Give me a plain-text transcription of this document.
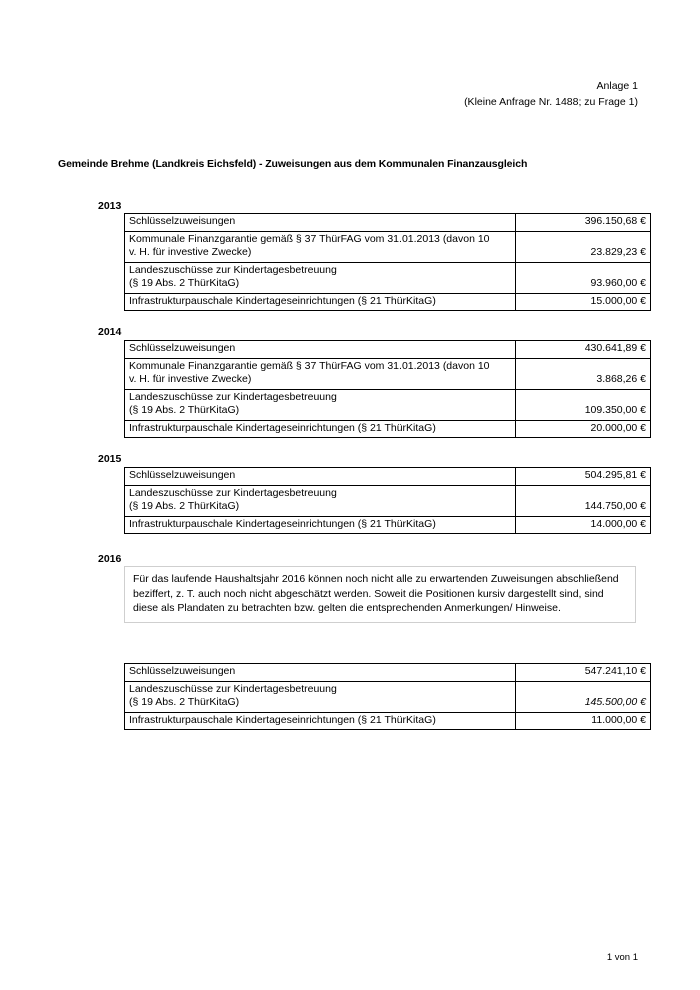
Anlage 1
(Kleine Anfrage Nr. 1488; zu Frage 1)
Gemeinde Brehme (Landkreis Eichsfeld) - Zuweisungen aus dem Kommunalen Finanzausgleich
2013
Schlüsselzuweisungen	396.150,68 €

Kommunale Finanzgarantie gemäß § 37 ThürFAG vom 31.01.2013 (davon 10
v. H. für investive Zwecke)	23.829,23 €

Landeszuschüsse zur Kindertagesbetreuung
(§ 19 Abs. 2 ThürKitaG)	93.960,00 €
Infrastrukturpauschale Kindertageseinrichtungen (§ 21 ThürKitaG)	15.000,00 €
2014
Schlüsselzuweisungen	430.641,89 €

Kommunale Finanzgarantie gemäß § 37 ThürFAG vom 31.01.2013 (davon 10
v. H. für investive Zwecke)	3.868,26 €

Landeszuschüsse zur Kindertagesbetreuung
(§ 19 Abs. 2 ThürKitaG)	109.350,00 €
Infrastrukturpauschale Kindertageseinrichtungen (§ 21 ThürKitaG)	20.000,00 €
2015
Schlüsselzuweisungen	504.295,81 €

Landeszuschüsse zur Kindertagesbetreuung
(§ 19 Abs. 2 ThürKitaG)	144.750,00 €
Infrastrukturpauschale Kindertageseinrichtungen (§ 21 ThürKitaG)	14.000,00 €
2016
Für das laufende Haushaltsjahr 2016 können noch nicht alle zu erwartenden Zuweisungen abschließend beziffert, z. T. auch noch nicht abgeschätzt werden. Soweit die Positionen kursiv dargestellt sind, sind diese als Plandaten zu betrachten bzw. gelten die entsprechenden Anmerkungen/ Hinweise.
Schlüsselzuweisungen	547.241,10 €

Landeszuschüsse zur Kindertagesbetreuung
(§ 19 Abs. 2 ThürKitaG)	145.500,00 €
Infrastrukturpauschale Kindertageseinrichtungen (§ 21 ThürKitaG)	11.000,00 €
1 von 1
